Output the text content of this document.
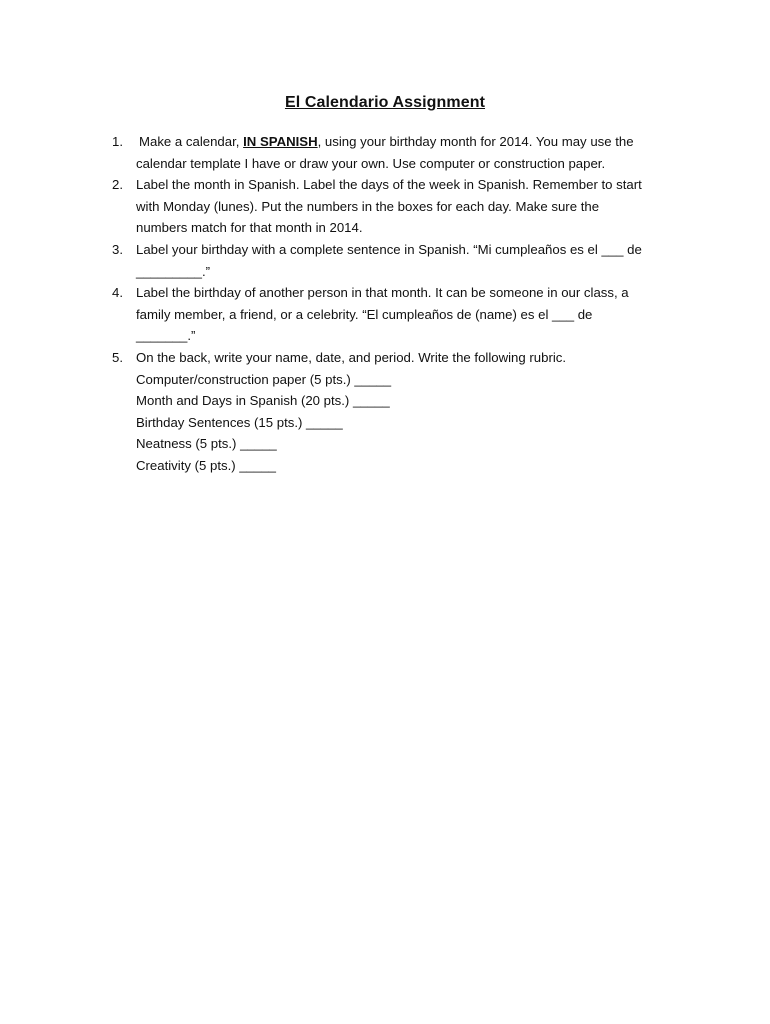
El Calendario Assignment
1. Make a calendar, IN SPANISH, using your birthday month for 2014. You may use the
calendar template I have or draw your own. Use computer or construction paper.
2. Label the month in Spanish. Label the days of the week in Spanish. Remember to start
with Monday (lunes). Put the numbers in the boxes for each day. Make sure the
numbers match for that month in 2014.
3. Label your birthday with a complete sentence in Spanish. “Mi cumpleaños es el ___ de
_________.”
4. Label the birthday of another person in that month. It can be someone in our class, a
family member, a friend, or a celebrity. “El cumpleaños de (name) es el ___ de
_______.”
5. On the back, write your name, date, and period. Write the following rubric.
Computer/construction paper (5 pts.) _____
Month and Days in Spanish (20 pts.) _____
Birthday Sentences (15 pts.) _____
Neatness (5 pts.) _____
Creativity (5 pts.) _____
